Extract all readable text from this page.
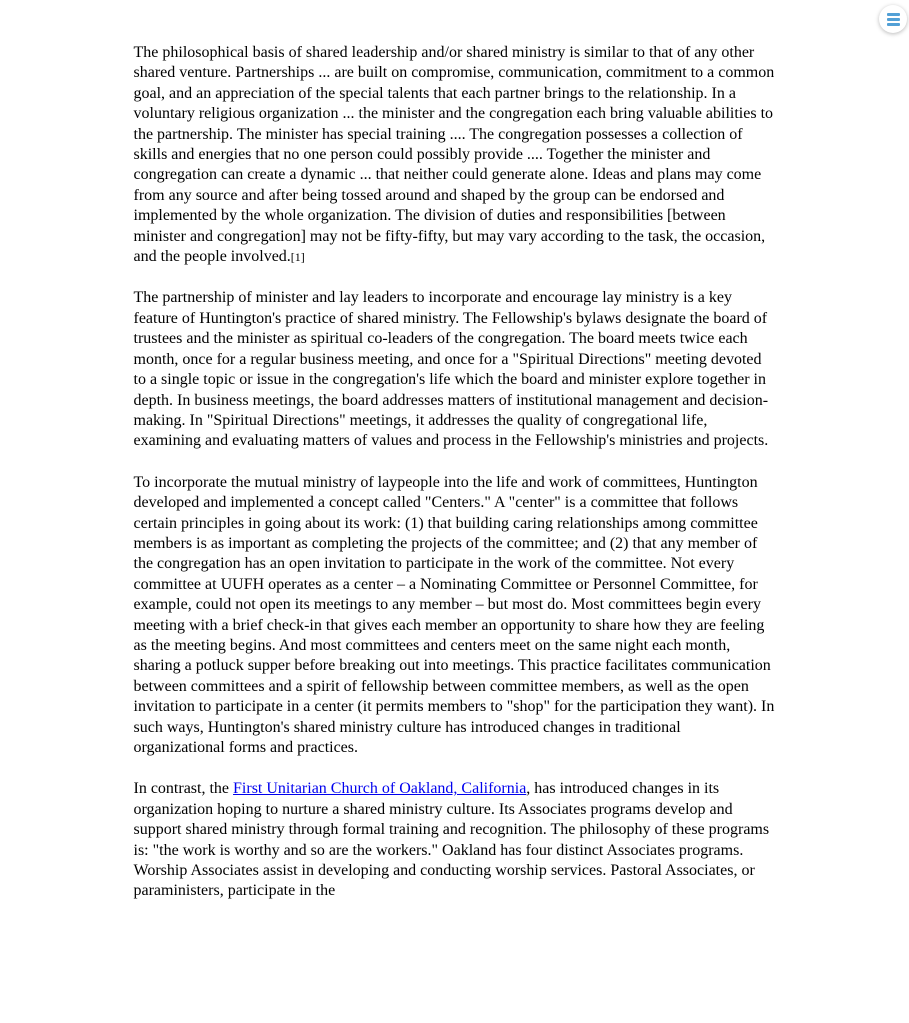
The philosophical basis of shared leadership and/or shared ministry is similar to that of any other shared venture. Partnerships ... are built on compromise, communication, commitment to a common goal, and an appreciation of the special talents that each partner brings to the relationship. In a voluntary religious organization ... the minister and the congregation each bring valuable abilities to the partnership. The minister has special training .... The congregation possesses a collection of skills and energies that no one person could possibly provide .... Together the minister and congregation can create a dynamic ... that neither could generate alone. Ideas and plans may come from any source and after being tossed around and shaped by the group can be endorsed and implemented by the whole organization. The division of duties and responsibilities [between minister and congregation] may not be fifty-fifty, but may vary according to the task, the occasion, and the people involved.[1]

The partnership of minister and lay leaders to incorporate and encourage lay ministry is a key feature of Huntington's practice of shared ministry. The Fellowship's bylaws designate the board of trustees and the minister as spiritual co-leaders of the congregation. The board meets twice each month, once for a regular business meeting, and once for a "Spiritual Directions" meeting devoted to a single topic or issue in the congregation's life which the board and minister explore together in depth. In business meetings, the board addresses matters of institutional management and decision-making. In "Spiritual Directions" meetings, it addresses the quality of congregational life, examining and evaluating matters of values and process in the Fellowship's ministries and projects.

To incorporate the mutual ministry of laypeople into the life and work of committees, Huntington developed and implemented a concept called "Centers." A "center" is a committee that follows certain principles in going about its work: (1) that building caring relationships among committee members is as important as completing the projects of the committee; and (2) that any member of the congregation has an open invitation to participate in the work of the committee. Not every committee at UUFH operates as a center – a Nominating Committee or Personnel Committee, for example, could not open its meetings to any member – but most do. Most committees begin every meeting with a brief check-in that gives each member an opportunity to share how they are feeling as the meeting begins. And most committees and centers meet on the same night each month, sharing a potluck supper before breaking out into meetings. This practice facilitates communication between committees and a spirit of fellowship between committee members, as well as the open invitation to participate in a center (it permits members to "shop" for the participation they want). In such ways, Huntington's shared ministry culture has introduced changes in traditional organizational forms and practices.

In contrast, the First Unitarian Church of Oakland, California, has introduced changes in its organization hoping to nurture a shared ministry culture. Its Associates programs develop and support shared ministry through formal training and recognition. The philosophy of these programs is: "the work is worthy and so are the workers." Oakland has four distinct Associates programs. Worship Associates assist in developing and conducting worship services. Pastoral Associates, or paraministers, participate in the
